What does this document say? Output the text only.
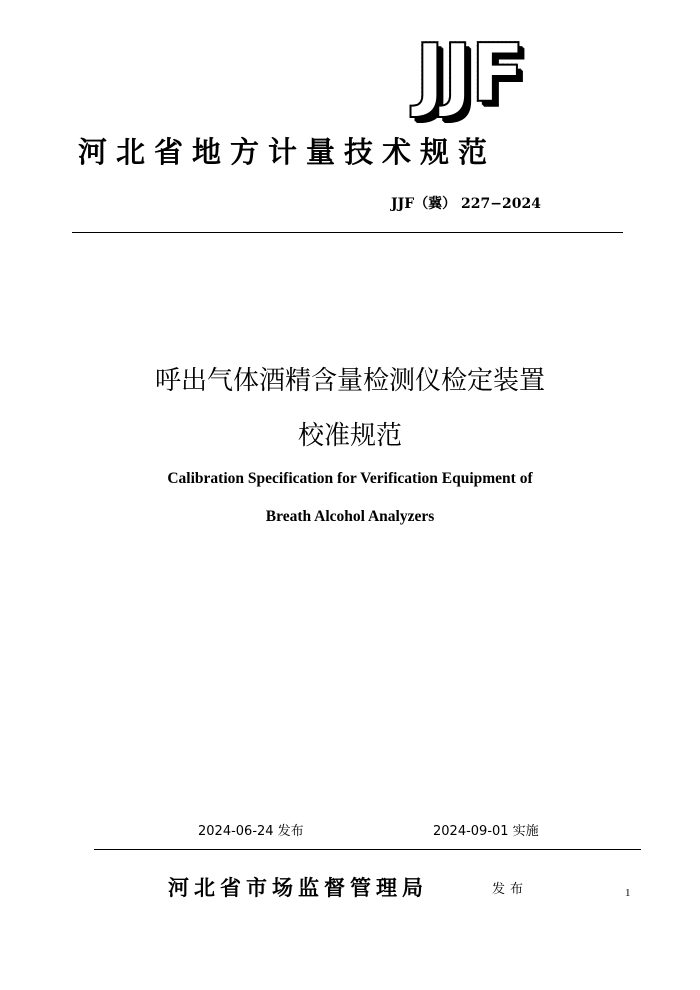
JJF
河北省地方计量技术规范
JJF（冀） 227−2024
呼出气体酒精含量检测仪检定装置
校准规范
Calibration Specification for Verification Equipment of
Breath Alcohol Analyzers
2024-06-24 发布	2024-09-01 实施
河北省市场监督管理局	发布	1
